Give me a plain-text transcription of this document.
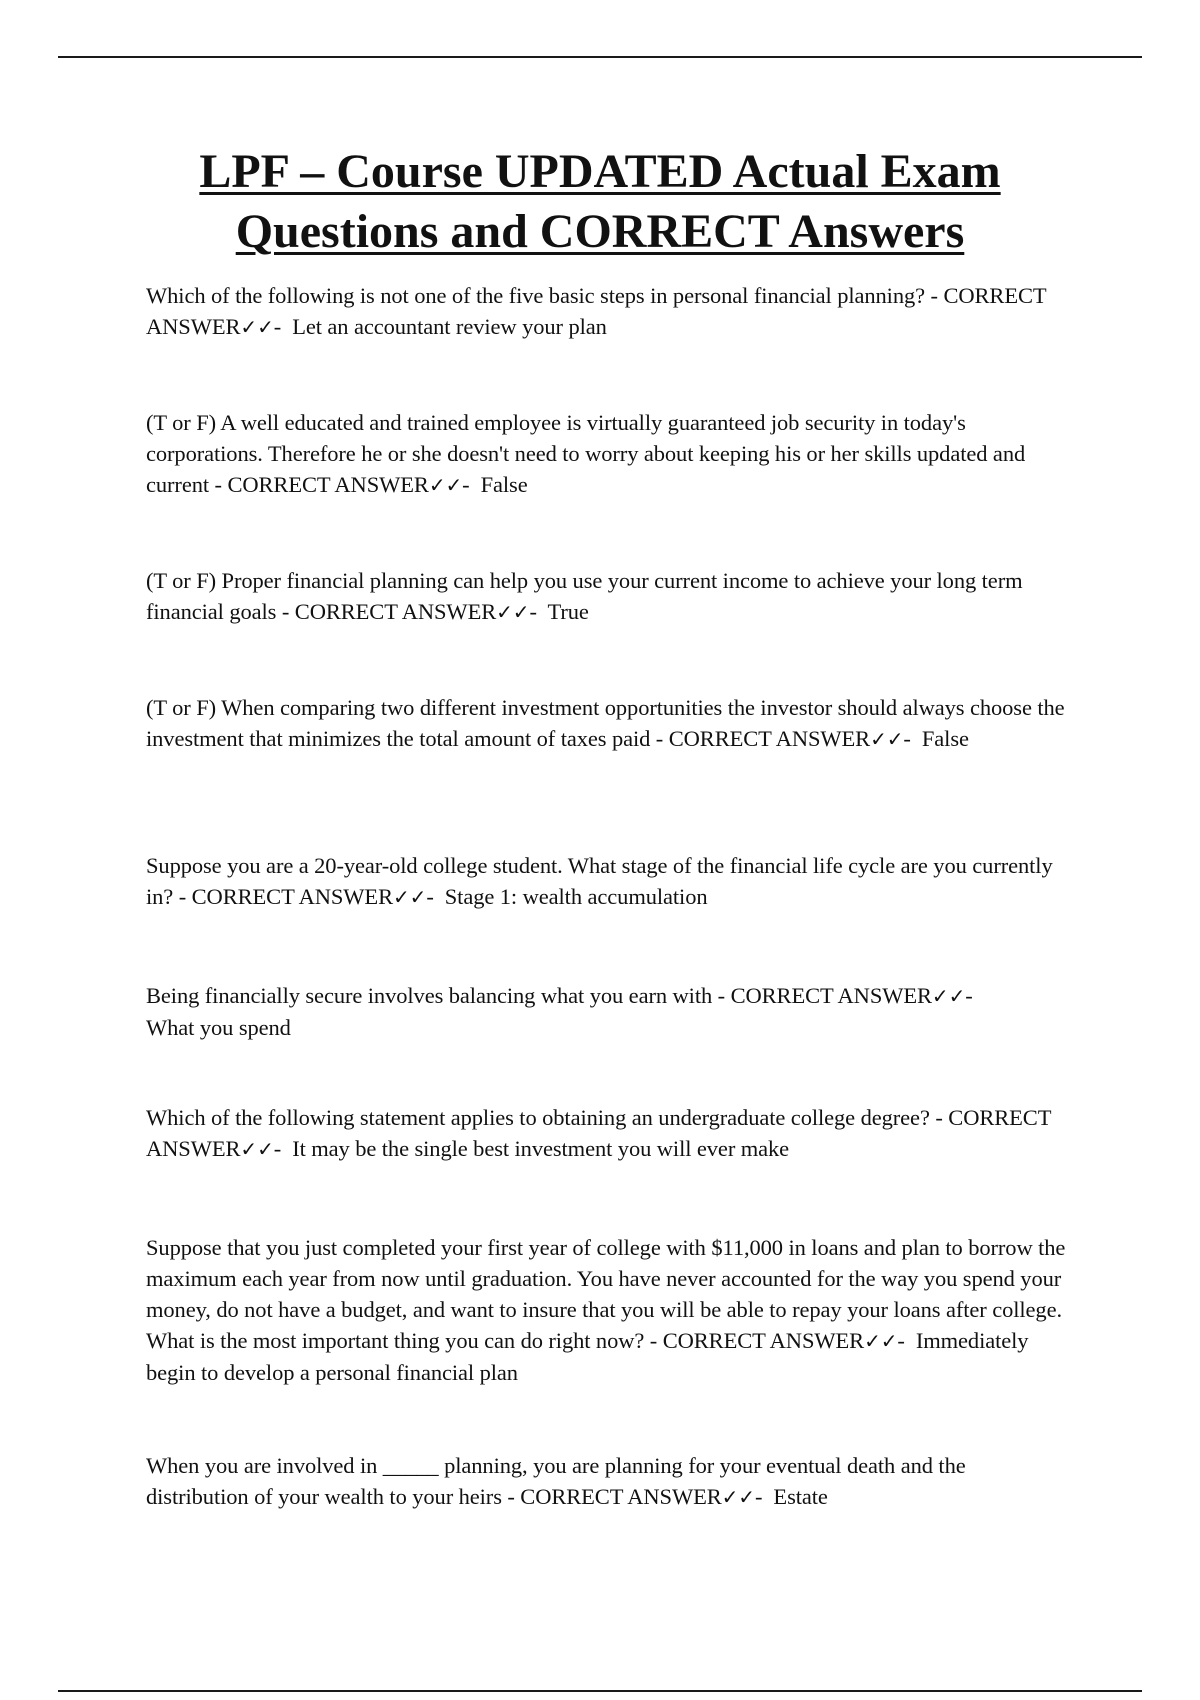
LPF – Course UPDATED Actual Exam
Questions and CORRECT Answers

Which of the following is not one of the five basic steps in personal financial planning? - CORRECT ANSWER✓✓-  Let an accountant review your plan

(T or F) A well educated and trained employee is virtually guaranteed job security in today's corporations. Therefore he or she doesn't need to worry about keeping his or her skills updated and current - CORRECT ANSWER✓✓-  False

(T or F) Proper financial planning can help you use your current income to achieve your long term financial goals - CORRECT ANSWER✓✓-  True

(T or F) When comparing two different investment opportunities the investor should always choose the investment that minimizes the total amount of taxes paid - CORRECT ANSWER✓✓-  False

Suppose you are a 20-year-old college student. What stage of the financial life cycle are you currently in? - CORRECT ANSWER✓✓-  Stage 1: wealth accumulation

Being financially secure involves balancing what you earn with - CORRECT ANSWER✓✓-
What you spend

Which of the following statement applies to obtaining an undergraduate college degree? - CORRECT ANSWER✓✓-  It may be the single best investment you will ever make

Suppose that you just completed your first year of college with $11,000 in loans and plan to borrow the maximum each year from now until graduation. You have never accounted for the way you spend your money, do not have a budget, and want to insure that you will be able to repay your loans after college. What is the most important thing you can do right now? - CORRECT ANSWER✓✓-  Immediately begin to develop a personal financial plan

When you are involved in _____ planning, you are planning for your eventual death and the distribution of your wealth to your heirs - CORRECT ANSWER✓✓-  Estate
